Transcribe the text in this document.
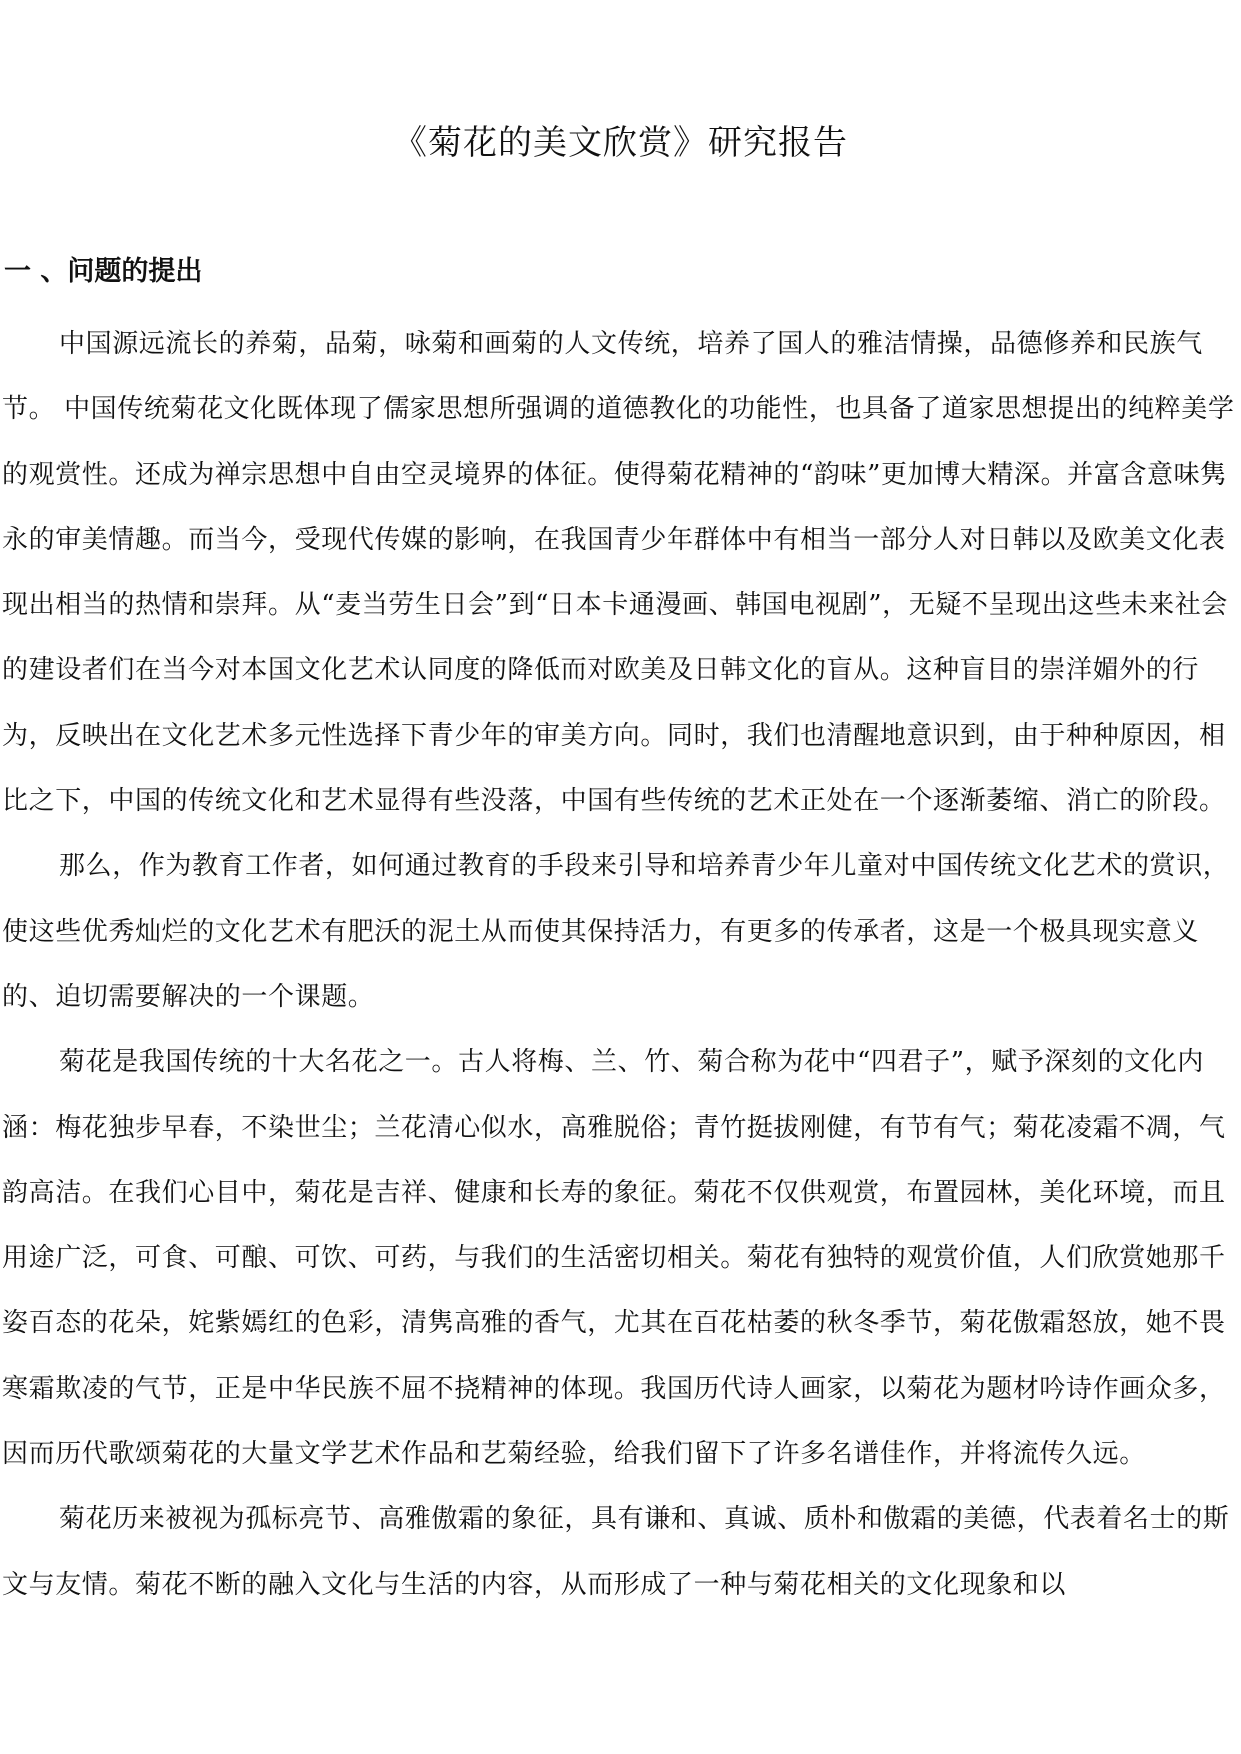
《菊花的美文欣赏》研究报告
一 、问题的提出

中国源远流长的养菊，品菊，咏菊和画菊的人文传统，培养了国人的雅洁情操，品德修养和民族气节。 中国传统菊花文化既体现了儒家思想所强调的道德教化的功能性，也具备了道家思想提出的纯粹美学的观赏性。还成为禅宗思想中自由空灵境界的体征。使得菊花精神的“韵味”更加博大精深。并富含意味隽永的审美情趣。而当今，受现代传媒的影响，在我国青少年群体中有相当一部分人对日韩以及欧美文化表现出相当的热情和崇拜。从“麦当劳生日会”到“日本卡通漫画、韩国电视剧”，无疑不呈现出这些未来社会的建设者们在当今对本国文化艺术认同度的降低而对欧美及日韩文化的盲从。这种盲目的崇洋媚外的行为，反映出在文化艺术多元性选择下青少年的审美方向。同时，我们也清醒地意识到，由于种种原因，相比之下，中国的传统文化和艺术显得有些没落，中国有些传统的艺术正处在一个逐渐萎缩、消亡的阶段。

那么，作为教育工作者，如何通过教育的手段来引导和培养青少年儿童对中国传统文化艺术的赏识，使这些优秀灿烂的文化艺术有肥沃的泥土从而使其保持活力，有更多的传承者，这是一个极具现实意义的、迫切需要解决的一个课题。

菊花是我国传统的十大名花之一。古人将梅、兰、竹、菊合称为花中“四君子”，赋予深刻的文化内涵：梅花独步早春，不染世尘；兰花清心似水，高雅脱俗；青竹挺拔刚健，有节有气；菊花凌霜不凋，气韵高洁。在我们心目中，菊花是吉祥、健康和长寿的象征。菊花不仅供观赏，布置园林，美化环境，而且用途广泛，可食、可酿、可饮、可药，与我们的生活密切相关。菊花有独特的观赏价值，人们欣赏她那千姿百态的花朵，姹紫嫣红的色彩，清隽高雅的香气，尤其在百花枯萎的秋冬季节，菊花傲霜怒放，她不畏寒霜欺凌的气节，正是中华民族不屈不挠精神的体现。我国历代诗人画家，以菊花为题材吟诗作画众多，因而历代歌颂菊花的大量文学艺术作品和艺菊经验，给我们留下了许多名谱佳作，并将流传久远。

菊花历来被视为孤标亮节、高雅傲霜的象征，具有谦和、真诚、质朴和傲霜的美德，代表着名士的斯文与友情。菊花不断的融入文化与生活的内容，从而形成了一种与菊花相关的文化现象和以
